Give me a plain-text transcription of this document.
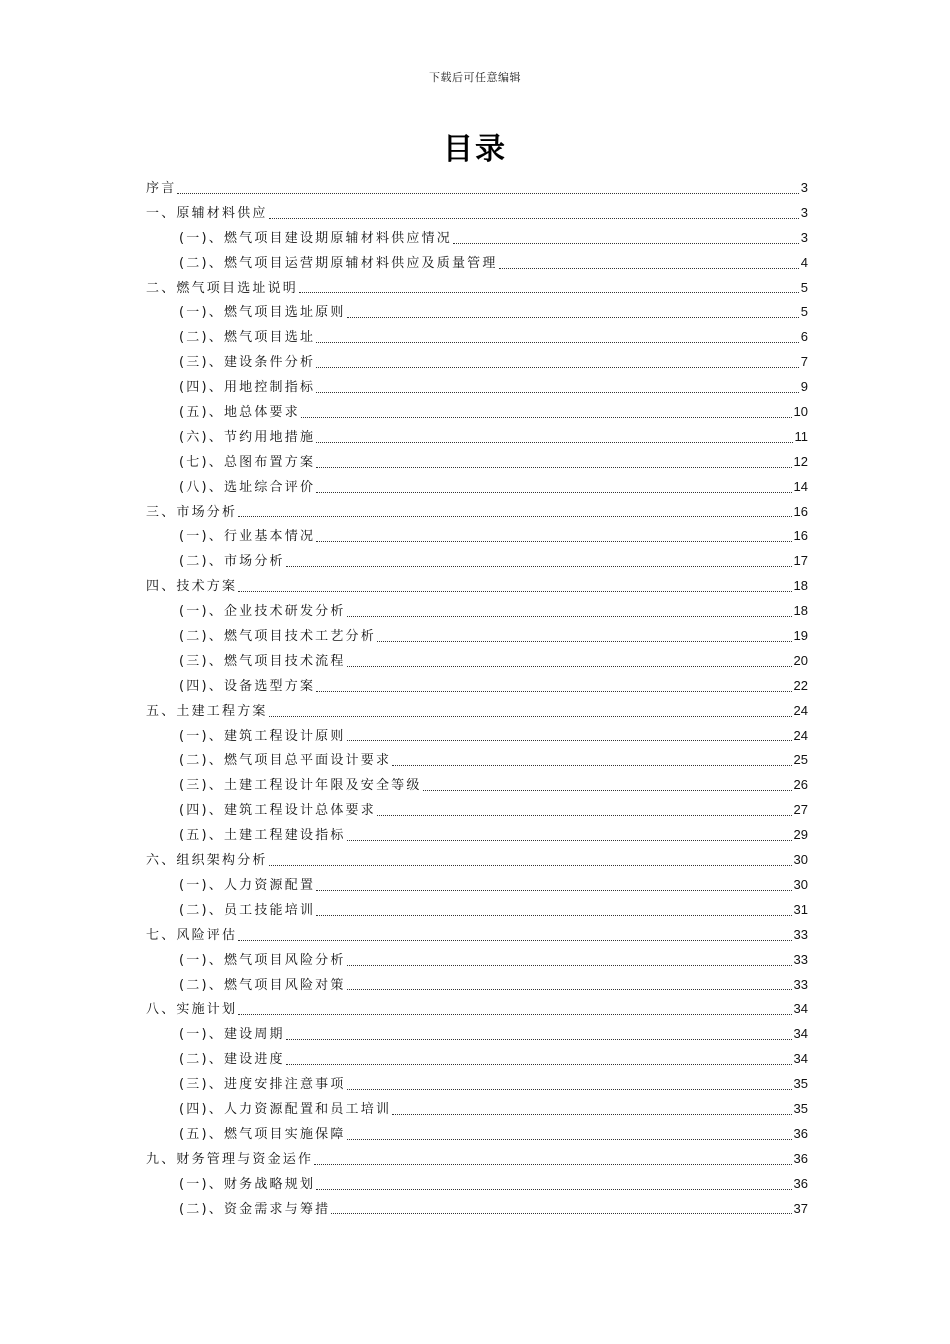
下载后可任意编辑
目录
序言	3
一、原辅材料供应	3
(一)、燃气项目建设期原辅材料供应情况	3
(二)、燃气项目运营期原辅材料供应及质量管理	4
二、燃气项目选址说明	5
(一)、燃气项目选址原则	5
(二)、燃气项目选址	6
(三)、建设条件分析	7
(四)、用地控制指标	9
(五)、地总体要求	10
(六)、节约用地措施	11
(七)、总图布置方案	12
(八)、选址综合评价	14
三、市场分析	16
(一)、行业基本情况	16
(二)、市场分析	17
四、技术方案	18
(一)、企业技术研发分析	18
(二)、燃气项目技术工艺分析	19
(三)、燃气项目技术流程	20
(四)、设备选型方案	22
五、土建工程方案	24
(一)、建筑工程设计原则	24
(二)、燃气项目总平面设计要求	25
(三)、土建工程设计年限及安全等级	26
(四)、建筑工程设计总体要求	27
(五)、土建工程建设指标	29
六、组织架构分析	30
(一)、人力资源配置	30
(二)、员工技能培训	31
七、风险评估	33
(一)、燃气项目风险分析	33
(二)、燃气项目风险对策	33
八、实施计划	34
(一)、建设周期	34
(二)、建设进度	34
(三)、进度安排注意事项	35
(四)、人力资源配置和员工培训	35
(五)、燃气项目实施保障	36
九、财务管理与资金运作	36
(一)、财务战略规划	36
(二)、资金需求与筹措	37
